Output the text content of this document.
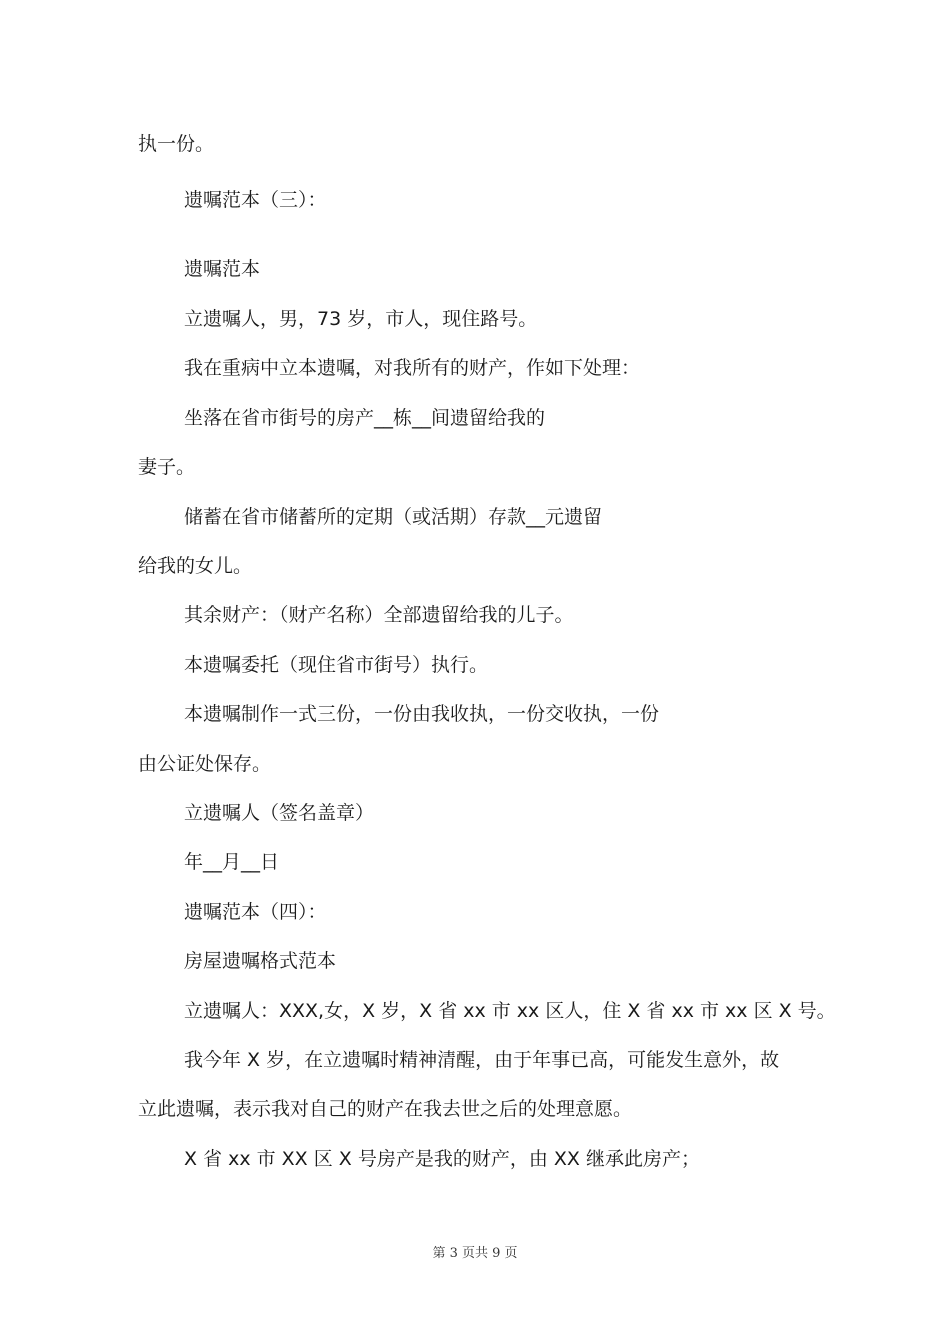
执一份。
遗嘱范本（三）：
遗嘱范本
立遗嘱人，男，73 岁，市人，现住路号。
我在重病中立本遗嘱，对我所有的财产，作如下处理：
坐落在省市街号的房产__栋__间遗留给我的
妻子。
储蓄在省市储蓄所的定期（或活期）存款__元遗留
给我的女儿。
其余财产：（财产名称）全部遗留给我的儿子。
本遗嘱委托（现住省市街号）执行。
本遗嘱制作一式三份，一份由我收执，一份交收执，一份
由公证处保存。
立遗嘱人（签名盖章）
年__月__日
遗嘱范本（四）：
房屋遗嘱格式范本
立遗嘱人：XXX,女，X 岁，X 省 xx 市 xx 区人，住 X 省 xx 市 xx 区 X 号。
我今年 X 岁，在立遗嘱时精神清醒，由于年事已高，可能发生意外，故
立此遗嘱，表示我对自己的财产在我去世之后的处理意愿。
X 省 xx 市 XX 区 X 号房产是我的财产，由 XX 继承此房产；
第 3 页共 9 页
